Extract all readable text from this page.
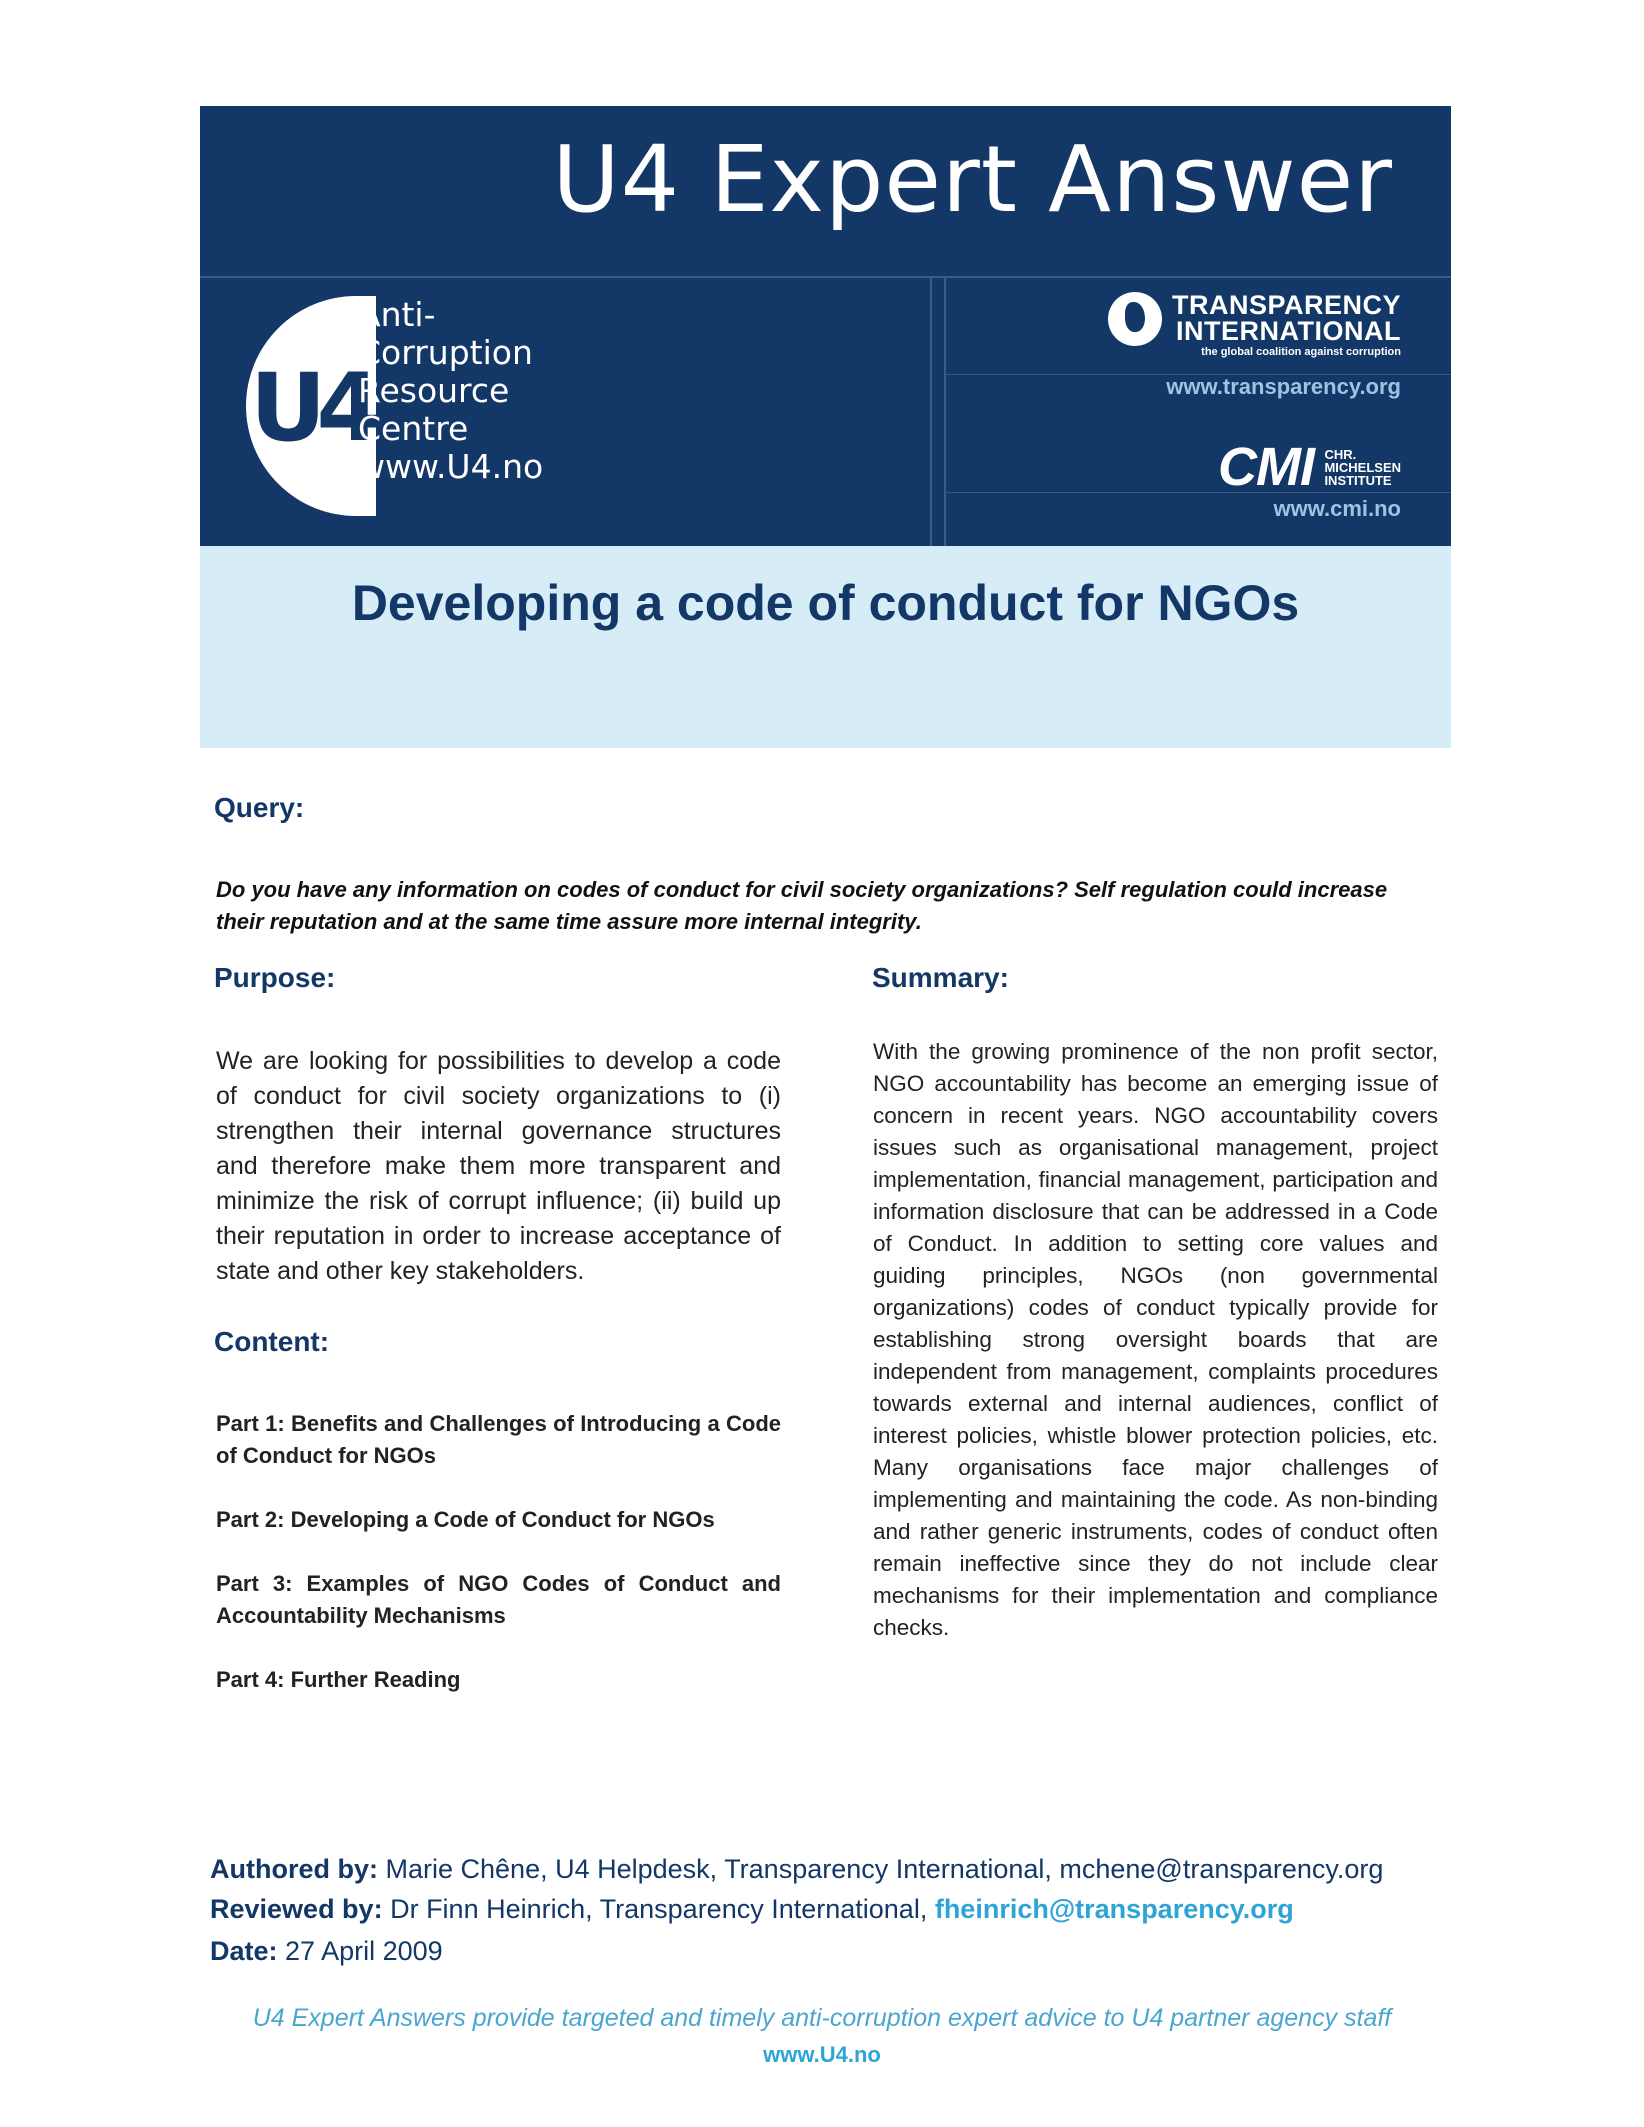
U4 Expert Answer
U4
Anti-
Corruption
Resource
Centre
www.U4.no
TRANSPARENCY
INTERNATIONAL
the global coalition against corruption
www.transparency.org
CMI CHR.
MICHELSEN
INSTITUTE
www.cmi.no
Developing a code of conduct for NGOs
Query:
Do you have any information on codes of conduct for civil society organizations? Self regulation could increase their reputation and at the same time assure more internal integrity.
Purpose:
We are looking for possibilities to develop a code of conduct for civil society organizations to (i) strengthen their internal governance structures and therefore make them more transparent and minimize the risk of corrupt influence; (ii) build up their reputation in order to increase acceptance of state and other key stakeholders.
Content:
Part 1: Benefits and Challenges of Introducing a Code of Conduct for NGOs
Part 2: Developing a Code of Conduct for NGOs
Part 3: Examples of NGO Codes of Conduct and Accountability Mechanisms
Part 4: Further Reading
Summary:
With the growing prominence of the non profit sector, NGO accountability has become an emerging issue of concern in recent years. NGO accountability covers issues such as organisational management, project implementation, financial management, participation and information disclosure that can be addressed in a Code of Conduct. In addition to setting core values and guiding principles, NGOs (non governmental organizations) codes of conduct typically provide for establishing strong oversight boards that are independent from management, complaints procedures towards external and internal audiences, conflict of interest policies, whistle blower protection policies, etc. Many organisations face major challenges of implementing and maintaining the code. As non-binding and rather generic instruments, codes of conduct often remain ineffective since they do not include clear mechanisms for their implementation and compliance checks.
Authored by: Marie Chêne, U4 Helpdesk, Transparency International, mchene@transparency.org
Reviewed by: Dr Finn Heinrich, Transparency International, fheinrich@transparency.org
Date: 27 April 2009
U4 Expert Answers provide targeted and timely anti-corruption expert advice to U4 partner agency staff
www.U4.no
